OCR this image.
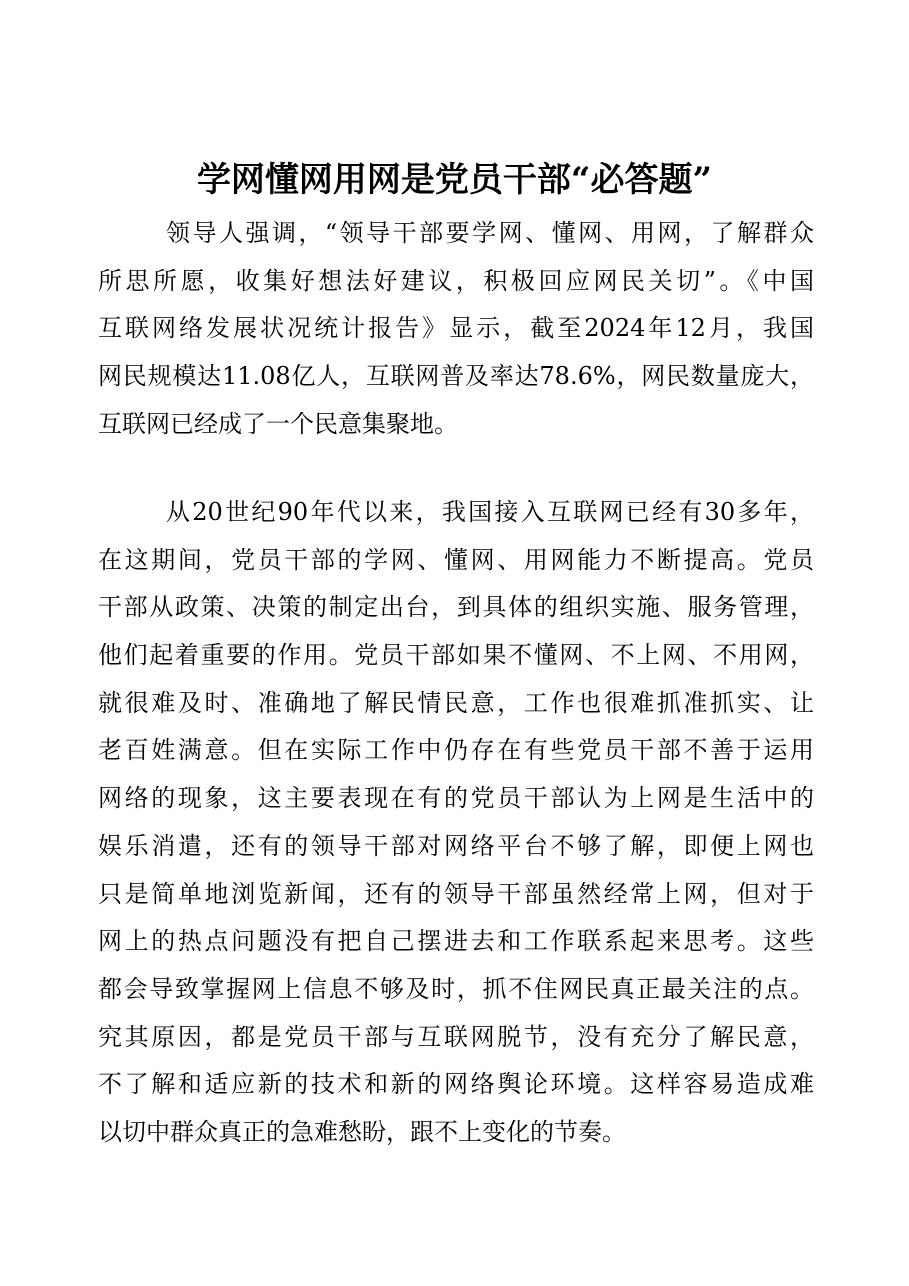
学网懂网用网是党员干部“必答题”
领导人强调，“领导干部要学网、懂网、用网，了解群众
所思所愿，收集好想法好建议，积极回应网民关切”。《中国
互联网络发展状况统计报告》显示，截至2024年12月，我国
网民规模达11.08亿人，互联网普及率达78.6%，网民数量庞大，
互联网已经成了一个民意集聚地。
从20世纪90年代以来，我国接入互联网已经有30多年，
在这期间，党员干部的学网、懂网、用网能力不断提高。党员
干部从政策、决策的制定出台，到具体的组织实施、服务管理，
他们起着重要的作用。党员干部如果不懂网、不上网、不用网，
就很难及时、准确地了解民情民意，工作也很难抓准抓实、让
老百姓满意。但在实际工作中仍存在有些党员干部不善于运用
网络的现象，这主要表现在有的党员干部认为上网是生活中的
娱乐消遣，还有的领导干部对网络平台不够了解，即便上网也
只是简单地浏览新闻，还有的领导干部虽然经常上网，但对于
网上的热点问题没有把自己摆进去和工作联系起来思考。这些
都会导致掌握网上信息不够及时，抓不住网民真正最关注的点。
究其原因，都是党员干部与互联网脱节，没有充分了解民意，
不了解和适应新的技术和新的网络舆论环境。这样容易造成难
以切中群众真正的急难愁盼，跟不上变化的节奏。
